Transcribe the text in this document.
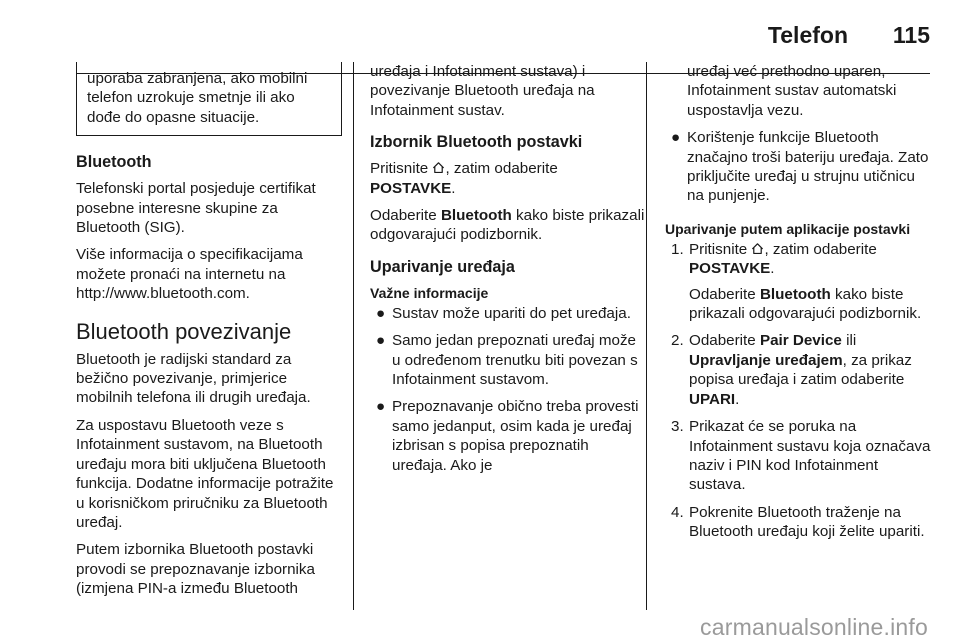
Telefon 115
uporaba zabranjena, ako mobilni telefon uzrokuje smetnje ili ako dođe do opasne situacije.
Bluetooth

Telefonski portal posjeduje certifikat posebne interesne skupine za Bluetooth (SIG).

Više informacija o specifikacijama možete pronaći na internetu na http://www.bluetooth.com.

Bluetooth povezivanje

Bluetooth je radijski standard za bežično povezivanje, primjerice mobilnih telefona ili drugih uređaja.

Za uspostavu Bluetooth veze s Infotainment sustavom, na Bluetooth uređaju mora biti uključena Bluetooth funkcija. Dodatne informacije potražite u korisničkom priručniku za Bluetooth uređaj.

Putem izbornika Bluetooth postavki provodi se prepoznavanje izbornika (izmjena PIN-a između Bluetooth

uređaja i Infotainment sustava) i povezivanje Bluetooth uređaja na Infotainment sustav.

Izbornik Bluetooth postavki

Pritisnite , zatim odaberite POSTAVKE.

Odaberite Bluetooth kako biste prikazali odgovarajući podizbornik.

Uparivanje uređaja
Važne informacije
● Sustav može upariti do pet uređaja.
● Samo jedan prepoznati uređaj može u određenom trenutku biti povezan s Infotainment sustavom.
● Prepoznavanje obično treba provesti samo jedanput, osim kada je uređaj izbrisan s popisa prepoznatih uređaja. Ako je
uređaj već prethodno uparen, Infotainment sustav automatski uspostavlja vezu.
● Korištenje funkcije Bluetooth značajno troši bateriju uređaja. Zato priključite uređaj u strujnu utičnicu na punjenje.
Uparivanje putem aplikacije postavki
1. Pritisnite , zatim odaberite POSTAVKE.

Odaberite Bluetooth kako biste prikazali odgovarajući podizbornik.

2. Odaberite Pair Device ili Upravljanje uređajem, za prikaz popisa uređaja i zatim odaberite UPARI.

3. Prikazat će se poruka na Infotainment sustavu koja označava naziv i PIN kod Infotainment sustava.

4. Pokrenite Bluetooth traženje na Bluetooth uređaju koji želite upariti.

carmanualsonline.info
